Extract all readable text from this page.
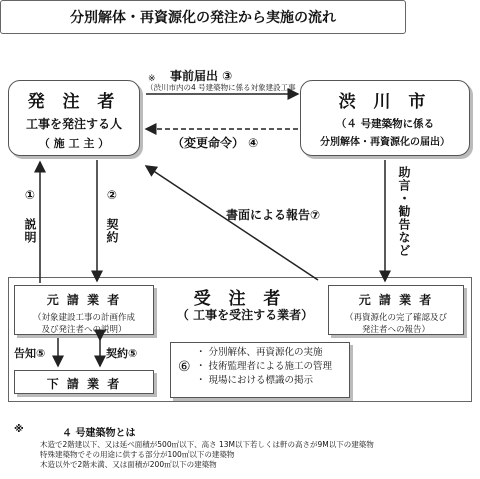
分別解体・再資源化の発注から実施の流れ
発 注 者
工事を発注する人
（ 施 工 主 ）
渋 川 市
（４ 号建築物に係る
分別解体・再資源化の届出）
※ 事前届出 ③
（渋川市内の4 号建築物に係る対象建設工事
（変更命令） ④
① 説明	② 契約	書面による報告⑦	助言・勧告など
受 注 者
（ 工事を受注する業者）
元 請 業 者
（対象建設工事の計画作成
及び発注者への説明）
元 請 業 者
（再資源化の完了確認及び
発注者への報告）
告知⑤	契約⑤
下 請 業 者
⑥
・ 分別解体、再資源化の実施
・ 技術監理者による施工の管理
・ 現場における標識の掲示
※	４ 号建築物とは
木造で2階建以下、又は延べ面積が500㎡以下、高さ 13M以下若しくは軒の高さが9M以下の建築物
特殊建築物でその用途に供する部分が100㎡以下の建築物
木造以外で2階未満、又は面積が200㎡以下の建築物
